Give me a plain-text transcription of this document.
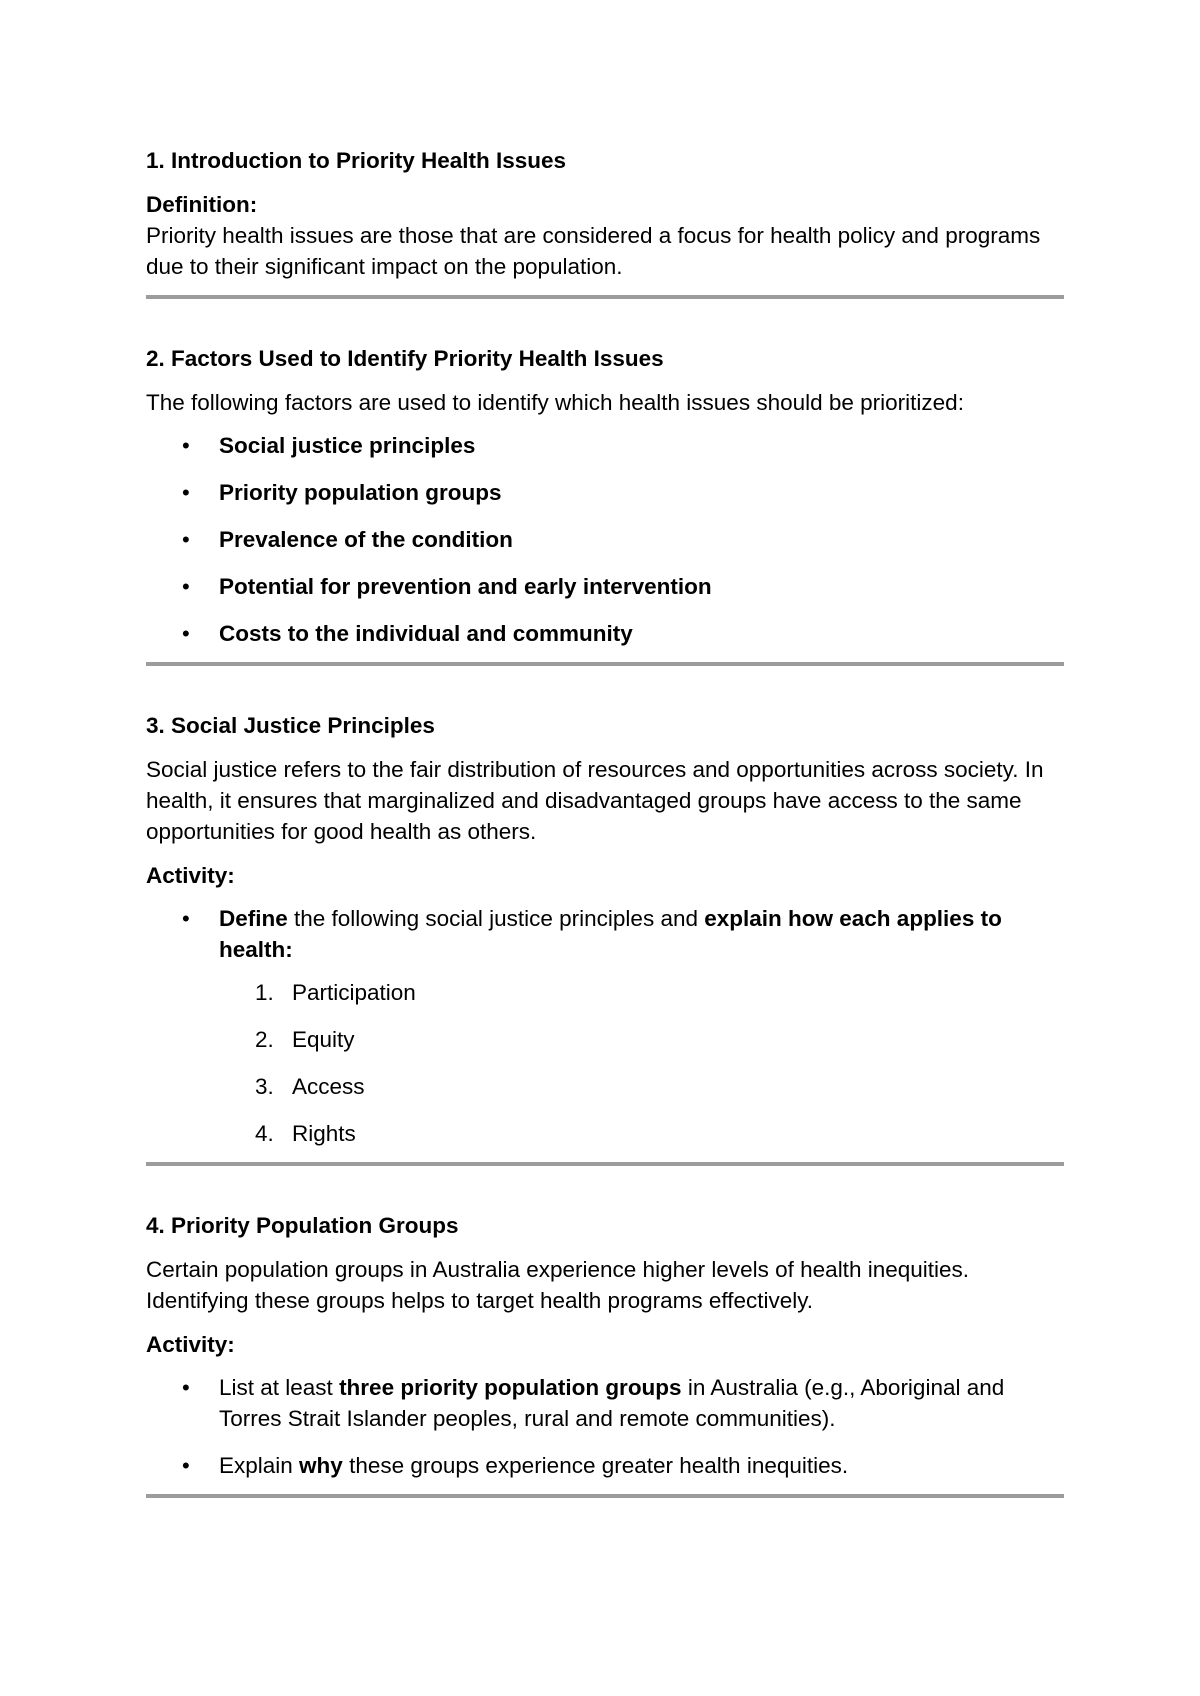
1. Introduction to Priority Health Issues

Definition:

Priority health issues are those that are considered a focus for health policy and programs due to their significant impact on the population.

2. Factors Used to Identify Priority Health Issues

The following factors are used to identify which health issues should be prioritized:

• Social justice principles
• Priority population groups
• Prevalence of the condition
• Potential for prevention and early intervention
• Costs to the individual and community
3. Social Justice Principles

Social justice refers to the fair distribution of resources and opportunities across society. In health, it ensures that marginalized and disadvantaged groups have access to the same opportunities for good health as others.

Activity:

• Define the following social justice principles and explain how each applies to health:
1. Participation
2. Equity
3. Access
4. Rights
4. Priority Population Groups

Certain population groups in Australia experience higher levels of health inequities. Identifying these groups helps to target health programs effectively.

Activity:

• List at least three priority population groups in Australia (e.g., Aboriginal and Torres Strait Islander peoples, rural and remote communities).
• Explain why these groups experience greater health inequities.
